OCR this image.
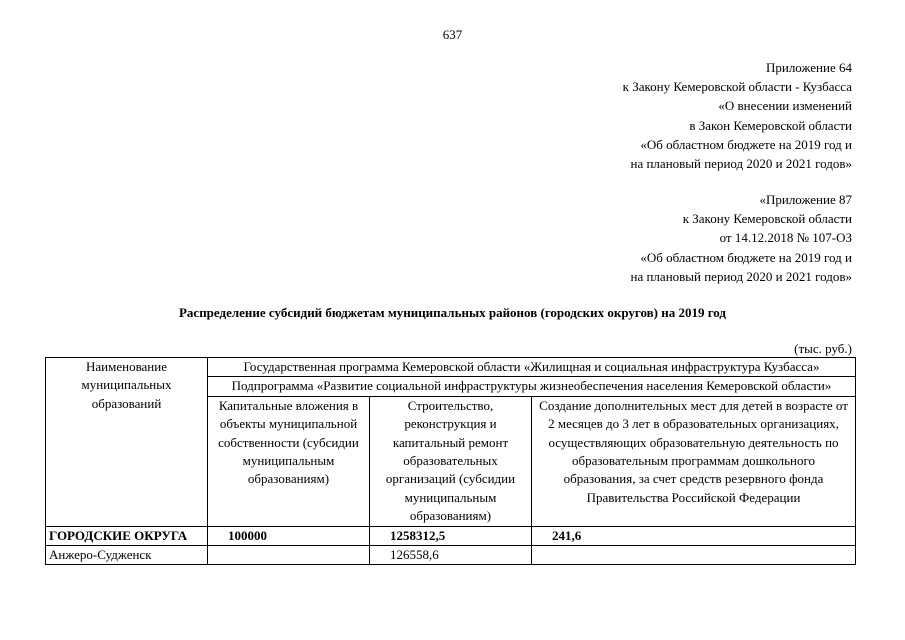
637
Приложение 64
к Закону Кемеровской области - Кузбасса
«О внесении изменений
в Закон Кемеровской области
«Об областном бюджете на 2019 год и
на плановый период 2020 и 2021 годов»
«Приложение 87
к Закону Кемеровской области
от 14.12.2018 № 107-ОЗ
«Об областном бюджете на 2019 год и
на плановый период 2020 и 2021 годов»
Распределение субсидий бюджетам муниципальных районов (городских округов) на 2019 год
(тыс. руб.)
Наименование муниципальных образований	Государственная программа Кемеровской области «Жилищная и социальная инфраструктура Кузбасса»		
	Подпрограмма «Развитие социальной инфраструктуры жизнеобеспечения населения Кемеровской области»		
	Капитальные вложения в объекты муниципальной собственности (субсидии муниципальным образованиям)	Строительство, реконструкция и капитальный ремонт образовательных организаций (субсидии муниципальным образованиям)	Создание дополнительных мест для детей в возрасте от 2 месяцев до 3 лет в образовательных организациях, осуществляющих образовательную деятельность по образовательным программам дошкольного образования, за счет средств резервного фонда Правительства Российской Федерации
ГОРОДСКИЕ ОКРУГА	100000	1258312,5	241,6
Анжеро-Судженск		126558,6	
